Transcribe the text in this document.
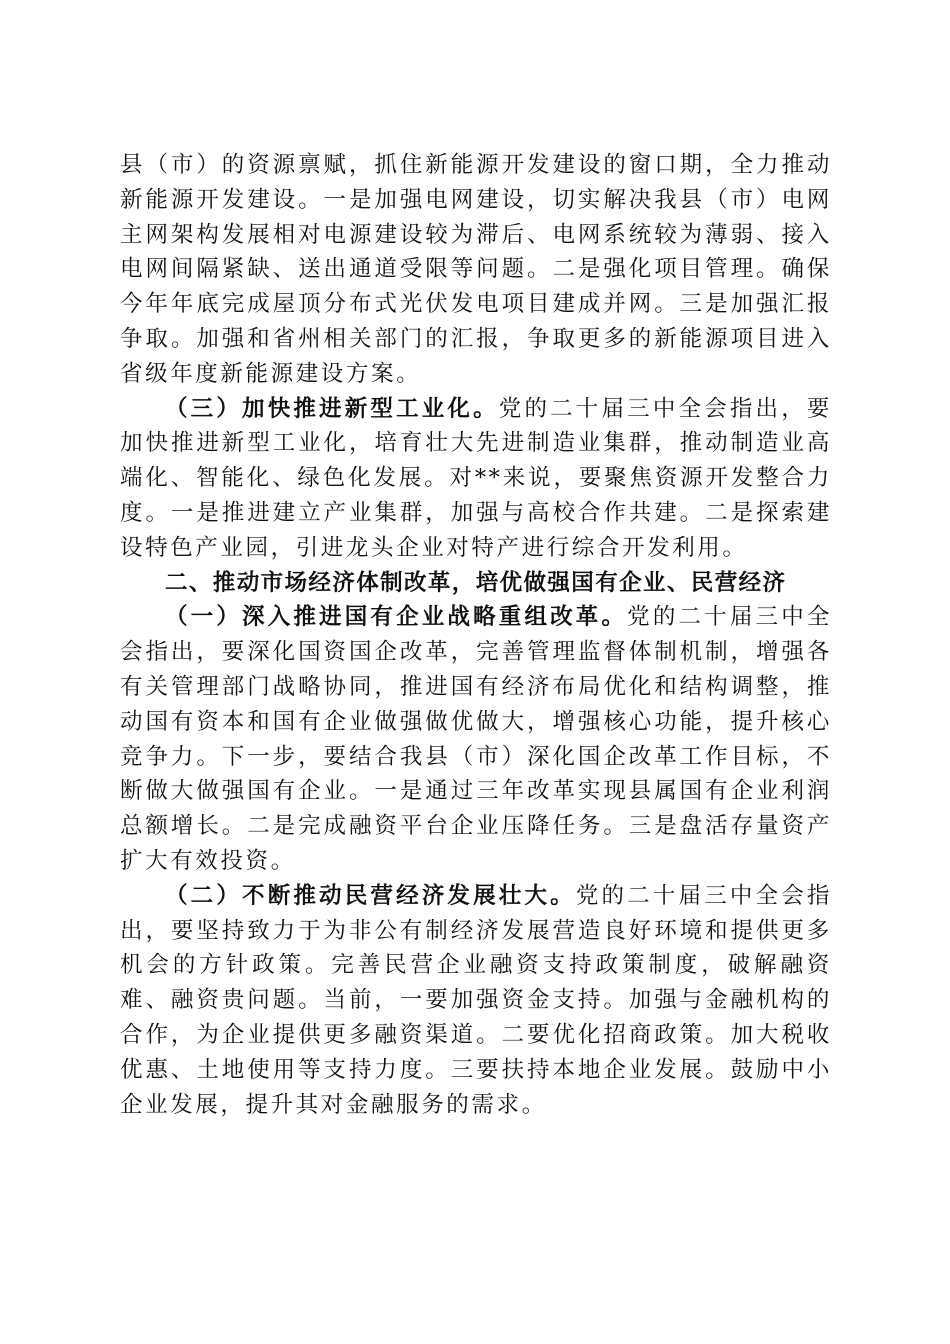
县（市）的资源禀赋，抓住新能源开发建设的窗口期，全力推动新能源开发建设。一是加强电网建设，切实解决我县（市）电网主网架构发展相对电源建设较为滞后、电网系统较为薄弱、接入电网间隔紧缺、送出通道受限等问题。二是强化项目管理。确保今年年底完成屋顶分布式光伏发电项目建成并网。三是加强汇报争取。加强和省州相关部门的汇报，争取更多的新能源项目进入省级年度新能源建设方案。

（三）加快推进新型工业化。党的二十届三中全会指出，要加快推进新型工业化，培育壮大先进制造业集群，推动制造业高端化、智能化、绿色化发展。对**来说，要聚焦资源开发整合力度。一是推进建立产业集群，加强与高校合作共建。二是探索建设特色产业园，引进龙头企业对特产进行综合开发利用。

二、推动市场经济体制改革，培优做强国有企业、民营经济

（一）深入推进国有企业战略重组改革。党的二十届三中全会指出，要深化国资国企改革，完善管理监督体制机制，增强各有关管理部门战略协同，推进国有经济布局优化和结构调整，推动国有资本和国有企业做强做优做大，增强核心功能，提升核心竞争力。下一步，要结合我县（市）深化国企改革工作目标，不断做大做强国有企业。一是通过三年改革实现县属国有企业利润总额增长。二是完成融资平台企业压降任务。三是盘活存量资产扩大有效投资。

（二）不断推动民营经济发展壮大。党的二十届三中全会指出，要坚持致力于为非公有制经济发展营造良好环境和提供更多机会的方针政策。完善民营企业融资支持政策制度，破解融资难、融资贵问题。当前，一要加强资金支持。加强与金融机构的合作，为企业提供更多融资渠道。二要优化招商政策。加大税收优惠、土地使用等支持力度。三要扶持本地企业发展。鼓励中小企业发展，提升其对金融服务的需求。
